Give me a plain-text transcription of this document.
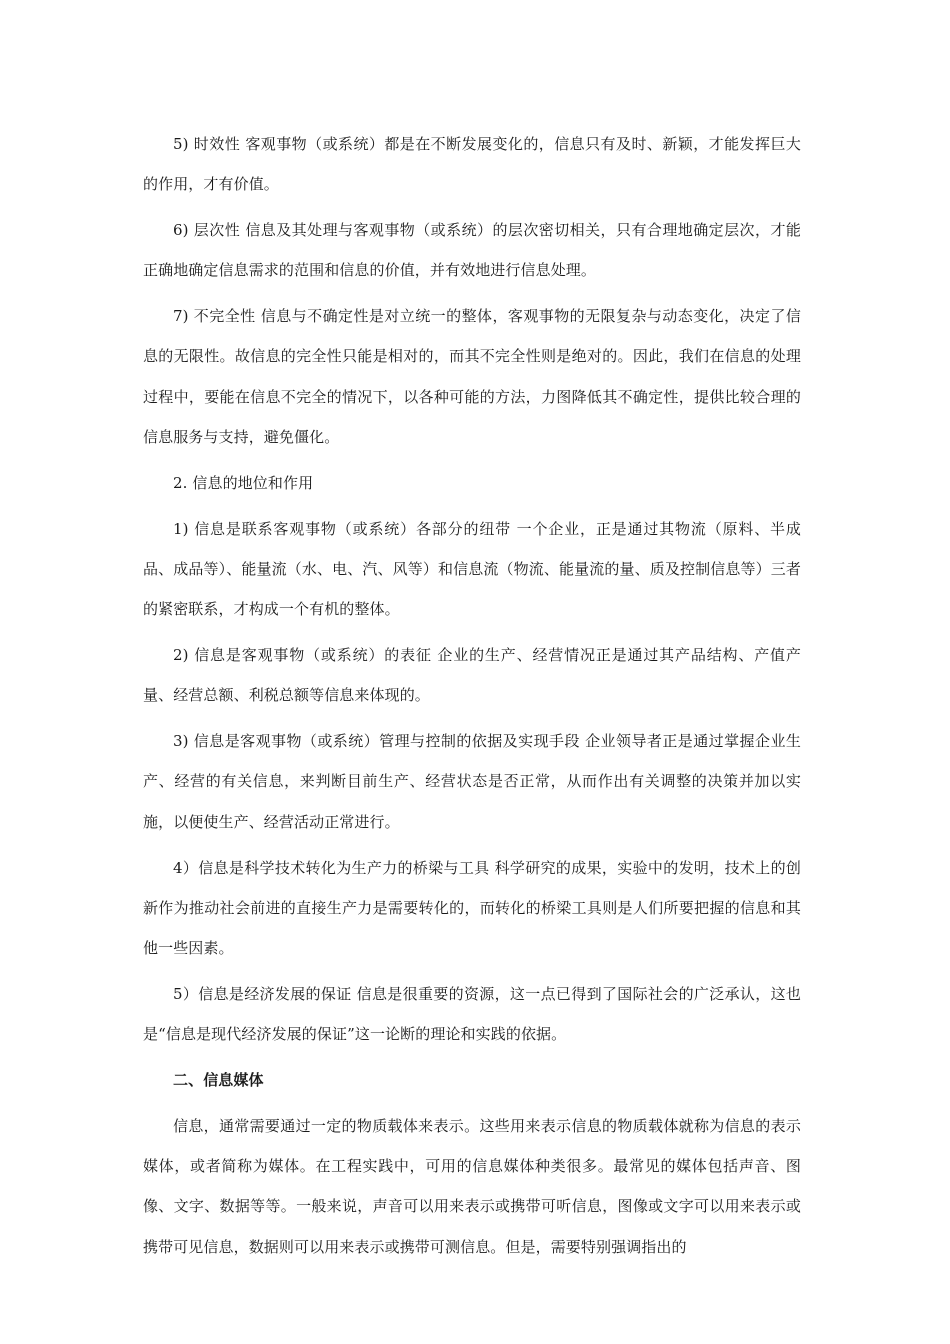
5) 时效性 客观事物（或系统）都是在不断发展变化的，信息只有及时、新颖，才能发挥巨大的作用，才有价值。

6) 层次性 信息及其处理与客观事物（或系统）的层次密切相关，只有合理地确定层次，才能正确地确定信息需求的范围和信息的价值，并有效地进行信息处理。

7) 不完全性 信息与不确定性是对立统一的整体，客观事物的无限复杂与动态变化，决定了信息的无限性。故信息的完全性只能是相对的，而其不完全性则是绝对的。因此，我们在信息的处理过程中，要能在信息不完全的情况下，以各种可能的方法，力图降低其不确定性，提供比较合理的信息服务与支持，避免僵化。

2. 信息的地位和作用

1) 信息是联系客观事物（或系统）各部分的纽带 一个企业，正是通过其物流（原料、半成品、成品等）、能量流（水、电、汽、风等）和信息流（物流、能量流的量、质及控制信息等）三者的紧密联系，才构成一个有机的整体。

2) 信息是客观事物（或系统）的表征 企业的生产、经营情况正是通过其产品结构、产值产量、经营总额、利税总额等信息来体现的。

3) 信息是客观事物（或系统）管理与控制的依据及实现手段 企业领导者正是通过掌握企业生产、经营的有关信息，来判断目前生产、经营状态是否正常，从而作出有关调整的决策并加以实施，以便使生产、经营活动正常进行。

4）信息是科学技术转化为生产力的桥梁与工具 科学研究的成果，实验中的发明，技术上的创新作为推动社会前进的直接生产力是需要转化的，而转化的桥梁工具则是人们所要把握的信息和其他一些因素。

5）信息是经济发展的保证 信息是很重要的资源，这一点已得到了国际社会的广泛承认，这也是“信息是现代经济发展的保证”这一论断的理论和实践的依据。

二、信息媒体

信息，通常需要通过一定的物质载体来表示。这些用来表示信息的物质载体就称为信息的表示媒体，或者简称为媒体。在工程实践中，可用的信息媒体种类很多。最常见的媒体包括声音、图像、文字、数据等等。一般来说，声音可以用来表示或携带可听信息，图像或文字可以用来表示或携带可见信息，数据则可以用来表示或携带可测信息。但是，需要特别强调指出的
